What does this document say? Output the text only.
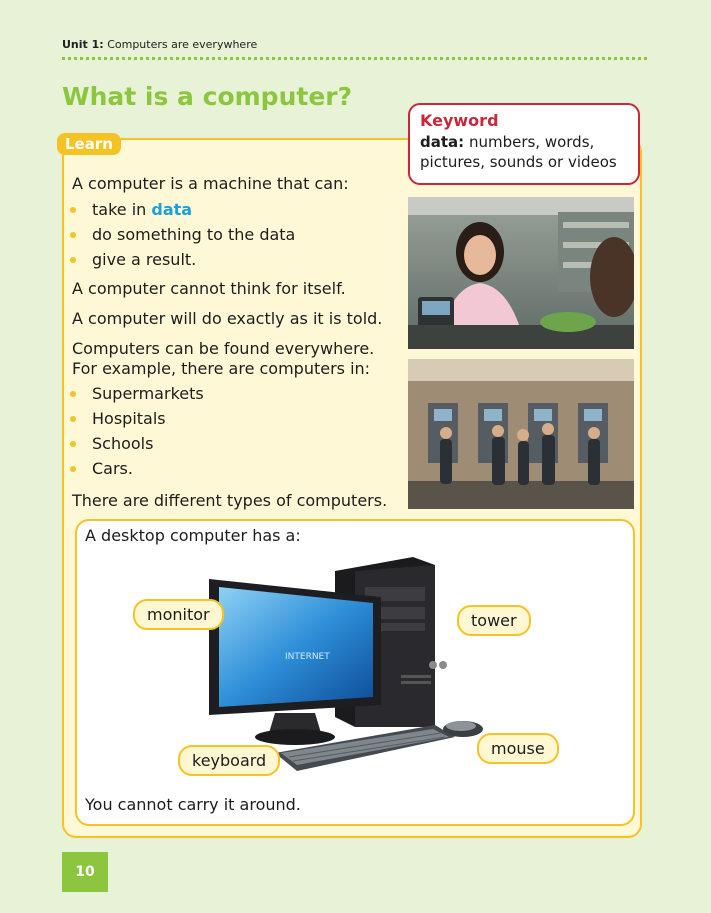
Unit 1: Computers are everywhere
What is a computer?
Learn
Keyword
data: numbers, words, pictures, sounds or videos
A computer is a machine that can:
take in data
do something to the data
give a result.
A computer cannot think for itself.
A computer will do exactly as it is told.
Computers can be found everywhere.
For example, there are computers in:
Supermarkets
Hospitals
Schools
Cars.
There are different types of computers.
A desktop computer has a:
INTERNET
monitor	tower
keyboard
mouse
You cannot carry it around.
10
